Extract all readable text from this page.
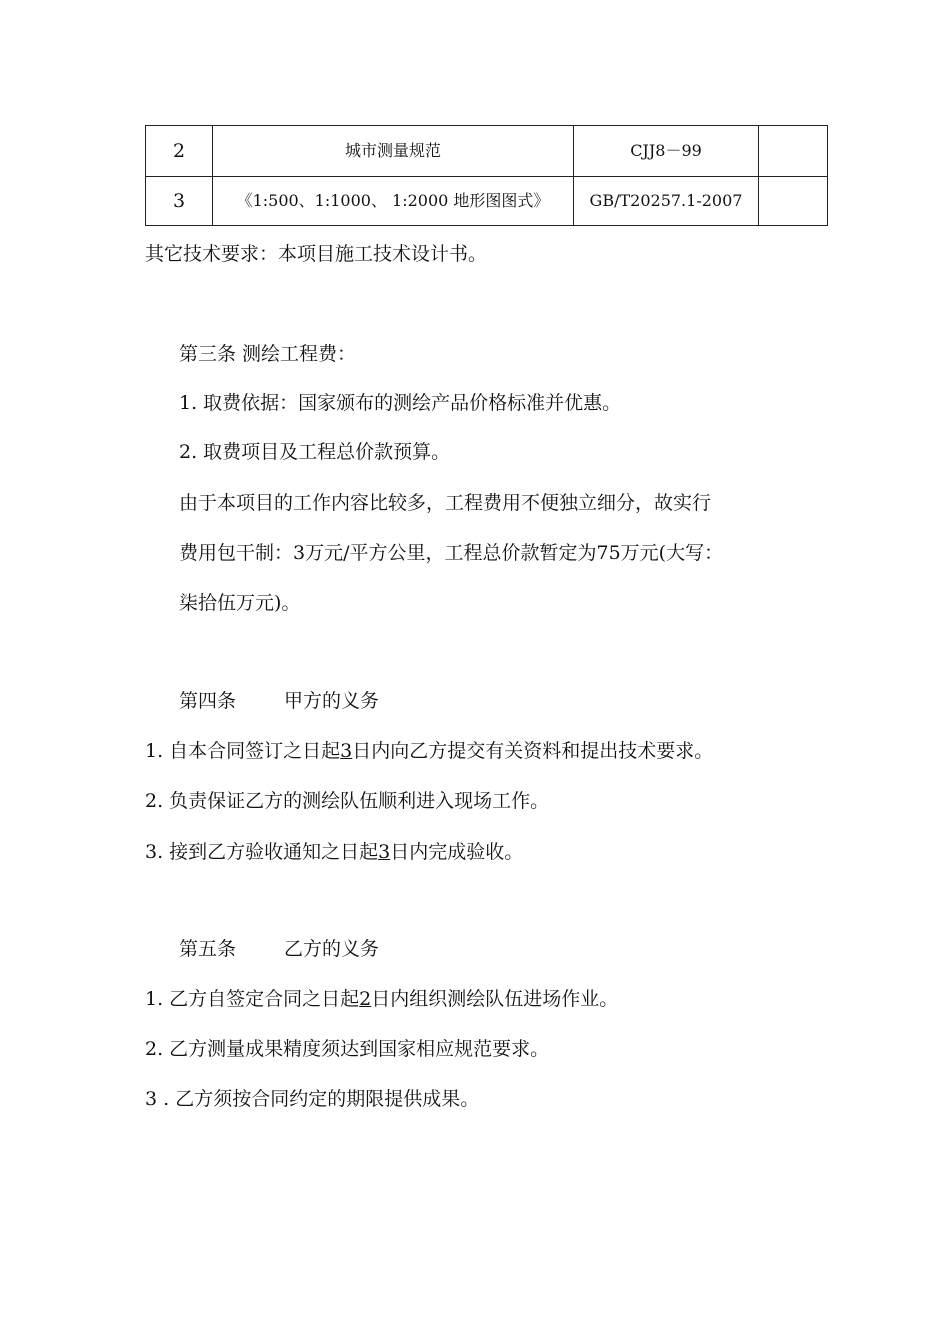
2	城市测量规范	CJJ8－99	
3	《1:500、1:1000、 1:2000 地形图图式》	GB/T20257.1-2007	
其它技术要求：本项目施工技术设计书。
第三条 测绘工程费：
1. 取费依据：国家颁布的测绘产品价格标准并优惠。
2. 取费项目及工程总价款预算。
由于本项目的工作内容比较多，工程费用不便独立细分，故实行
费用包干制：3万元/平方公里，工程总价款暂定为75万元(大写：
柒拾伍万元)。
第四条	甲方的义务
1. 自本合同签订之日起3日内向乙方提交有关资料和提出技术要求。
2. 负责保证乙方的测绘队伍顺利进入现场工作。
3. 接到乙方验收通知之日起3日内完成验收。
第五条	乙方的义务
1. 乙方自签定合同之日起2日内组织测绘队伍进场作业。
2. 乙方测量成果精度须达到国家相应规范要求。
3 . 乙方须按合同约定的期限提供成果。
